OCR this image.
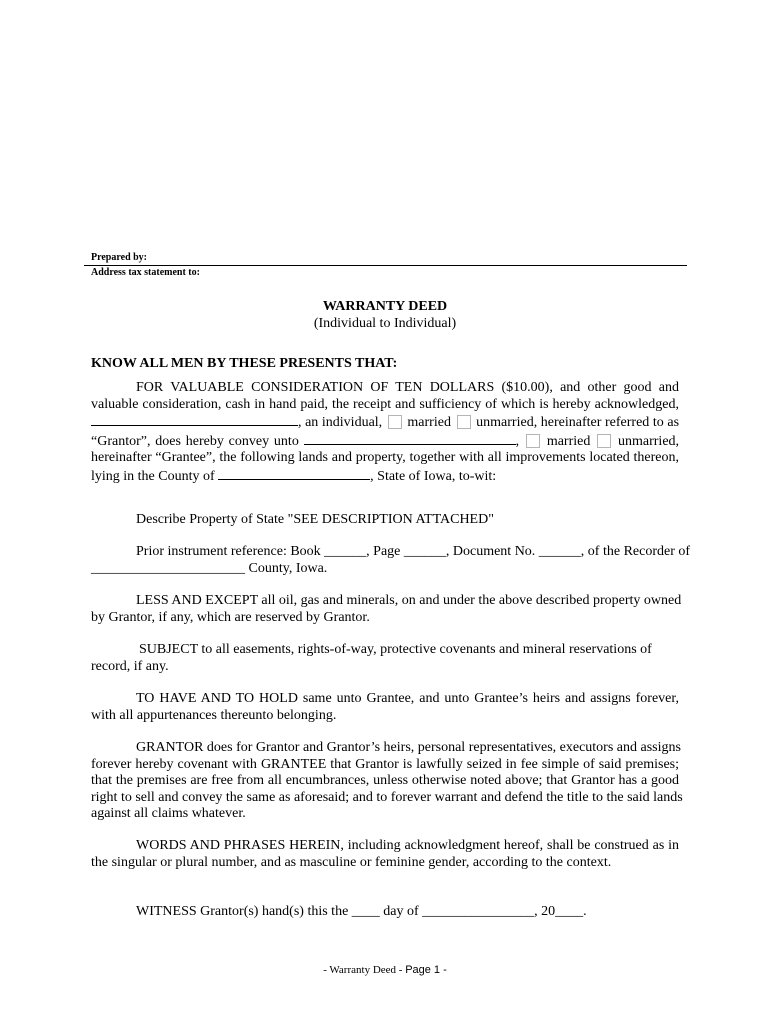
Prepared by:
Address tax statement to:
WARRANTY DEED
(Individual to Individual)
KNOW ALL MEN BY THESE PRESENTS THAT:
FOR VALUABLE CONSIDERATION OF TEN DOLLARS ($10.00), and other good and
valuable consideration, cash in hand paid, the receipt and sufficiency of which is hereby acknowledged,
, an individual, married unmarried, hereinafter referred to as
“Grantor”, does hereby convey unto	, married unmarried,
hereinafter “Grantee”, the following lands and property, together with all improvements located thereon,
lying in the County of	, State of Iowa, to-wit:
Describe Property of State "SEE DESCRIPTION ATTACHED"
Prior instrument reference: Book ______, Page ______, Document No. ______, of the Recorder of
______________________ County, Iowa.
LESS AND EXCEPT all oil, gas and minerals, on and under the above described property owned
by Grantor, if any, which are reserved by Grantor.
SUBJECT to all easements, rights-of-way, protective covenants and mineral reservations of
record, if any.
TO HAVE AND TO HOLD same unto Grantee, and unto Grantee’s heirs and assigns forever,
with all appurtenances thereunto belonging.
GRANTOR does for Grantor and Grantor’s heirs, personal representatives, executors and assigns
forever hereby covenant with GRANTEE that Grantor is lawfully seized in fee simple of said premises;
that the premises are free from all encumbrances, unless otherwise noted above; that Grantor has a good
right to sell and convey the same as aforesaid; and to forever warrant and defend the title to the said lands
against all claims whatever.
WORDS AND PHRASES HEREIN, including acknowledgment hereof, shall be construed as in
the singular or plural number, and as masculine or feminine gender, according to the context.
WITNESS Grantor(s) hand(s) this the ____ day of ________________, 20____.
- Warranty Deed - Page 1 -
